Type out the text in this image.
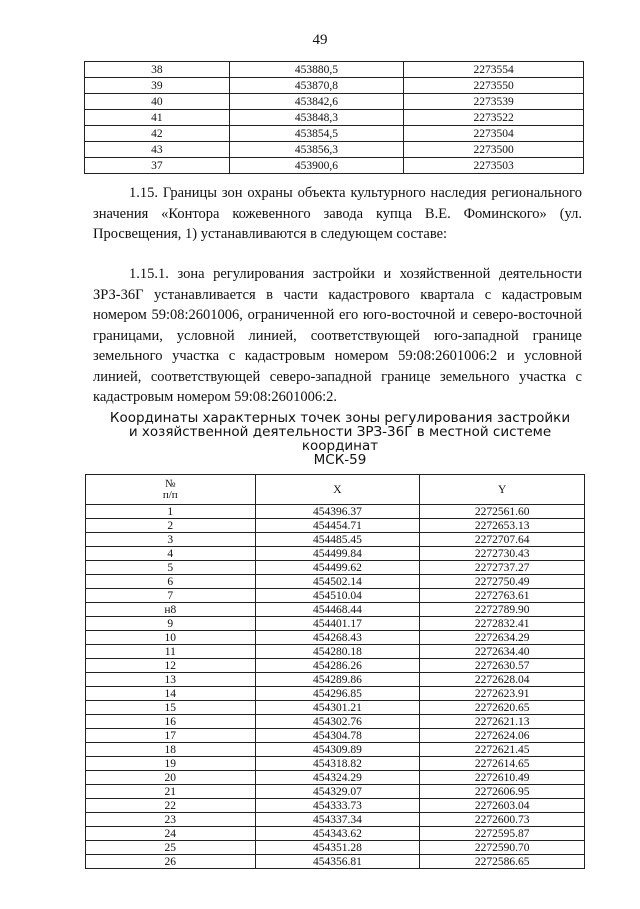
49
38	453880,5	2273554
39	453870,8	2273550
40	453842,6	2273539
41	453848,3	2273522
42	453854,5	2273504
43	453856,3	2273500
37	453900,6	2273503
1.15. Границы зон охраны объекта культурного наследия регионального значения «Контора кожевенного завода купца В.Е. Фоминского» (ул. Просвещения, 1) устанавливаются в следующем составе:
1.15.1. зона регулирования застройки и хозяйственной деятельности ЗРЗ-36Г устанавливается в части кадастрового квартала с кадастровым номером 59:08:2601006, ограниченной его юго-восточной и северо-восточной границами, условной линией, соответствующей юго-западной границе земельного участка с кадастровым номером 59:08:2601006:2 и условной линией, соответствующей северо-западной границе земельного участка с кадастровым номером 59:08:2601006:2.
Координаты характерных точек зоны регулирования застройки
и хозяйственной деятельности ЗРЗ-36Г в местной системе координат
МСК-59
№
п/п	X	Y
1	454396.37	2272561.60
2	454454.71	2272653.13
3	454485.45	2272707.64
4	454499.84	2272730.43
5	454499.62	2272737.27
6	454502.14	2272750.49
7	454510.04	2272763.61
н8	454468.44	2272789.90
9	454401.17	2272832.41
10	454268.43	2272634.29
11	454280.18	2272634.40
12	454286.26	2272630.57
13	454289.86	2272628.04
14	454296.85	2272623.91
15	454301.21	2272620.65
16	454302.76	2272621.13
17	454304.78	2272624.06
18	454309.89	2272621.45
19	454318.82	2272614.65
20	454324.29	2272610.49
21	454329.07	2272606.95
22	454333.73	2272603.04
23	454337.34	2272600.73
24	454343.62	2272595.87
25	454351.28	2272590.70
26	454356.81	2272586.65
